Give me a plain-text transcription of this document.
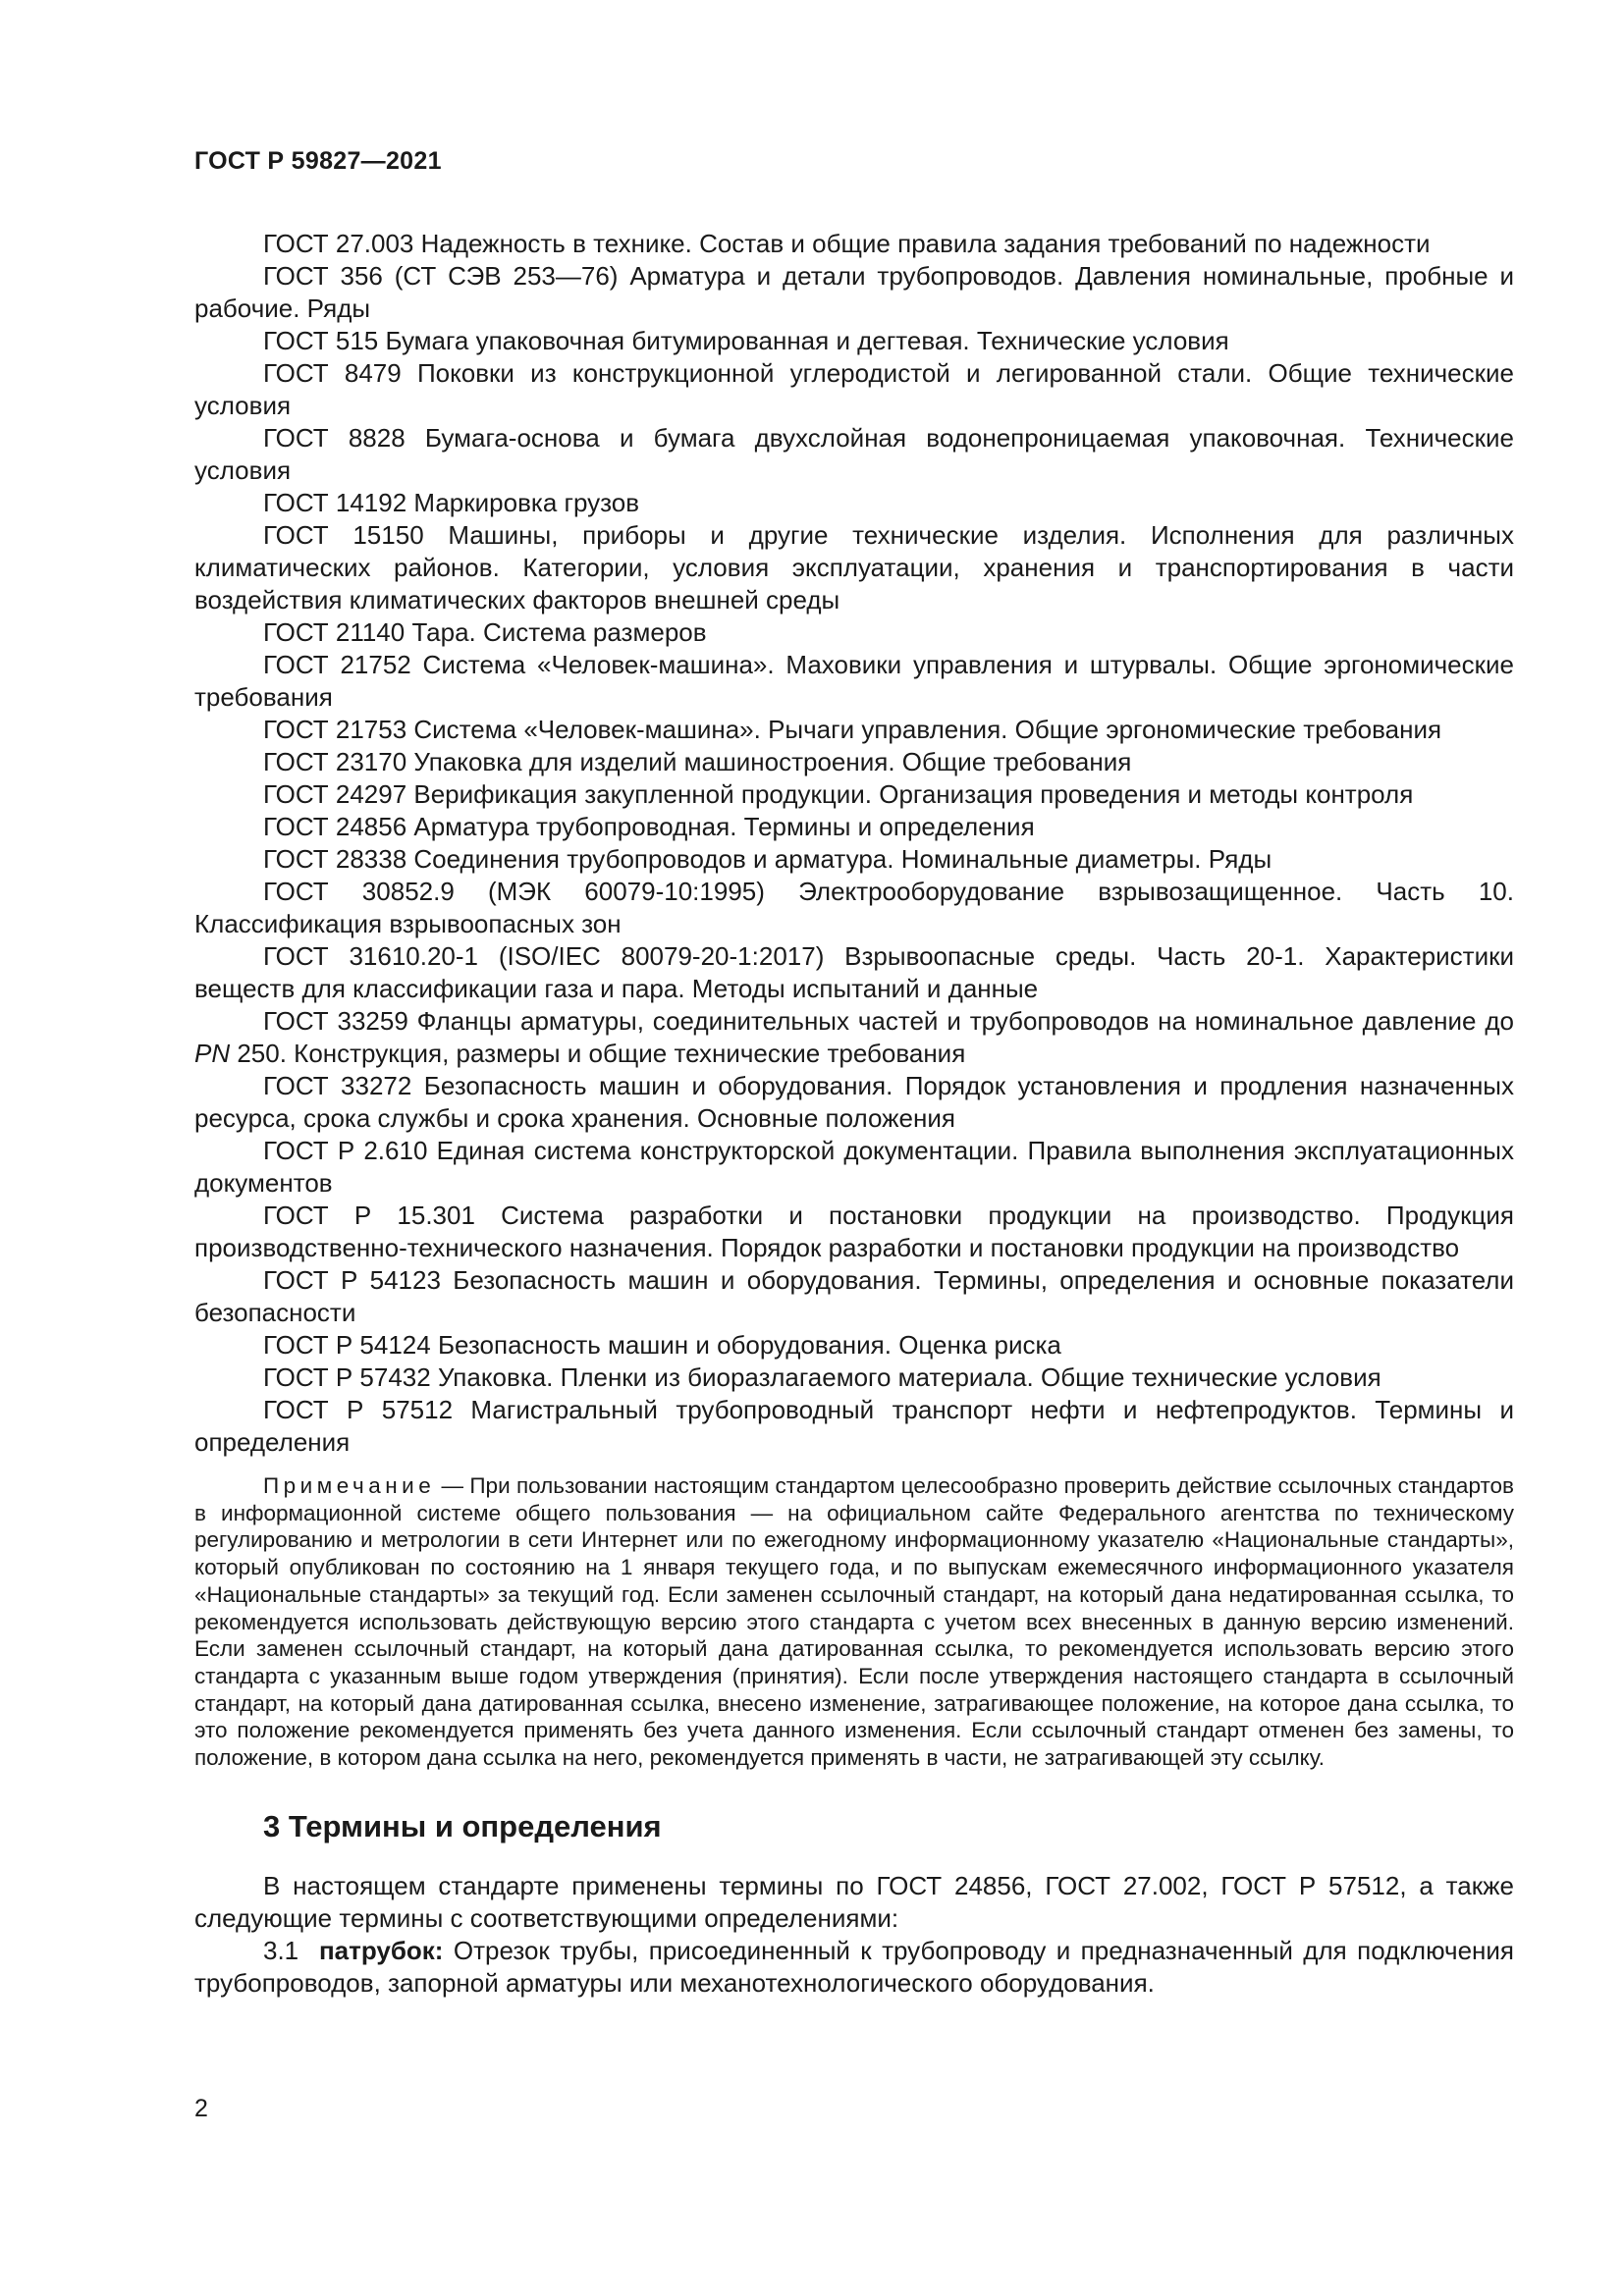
ГОСТ Р 59827—2021

ГОСТ 27.003 Надежность в технике. Состав и общие правила задания требований по надежности

ГОСТ 356 (СТ СЭВ 253—76) Арматура и детали трубопроводов. Давления номинальные, пробные и рабочие. Ряды

ГОСТ 515 Бумага упаковочная битумированная и дегтевая. Технические условия

ГОСТ 8479 Поковки из конструкционной углеродистой и легированной стали. Общие технические условия

ГОСТ 8828 Бумага-основа и бумага двухслойная водонепроницаемая упаковочная. Технические условия

ГОСТ 14192 Маркировка грузов

ГОСТ 15150 Машины, приборы и другие технические изделия. Исполнения для различных климатических районов. Категории, условия эксплуатации, хранения и транспортирования в части воздействия климатических факторов внешней среды

ГОСТ 21140 Тара. Система размеров

ГОСТ 21752 Система «Человек-машина». Маховики управления и штурвалы. Общие эргономические требования

ГОСТ 21753 Система «Человек-машина». Рычаги управления. Общие эргономические требования

ГОСТ 23170 Упаковка для изделий машиностроения. Общие требования

ГОСТ 24297 Верификация закупленной продукции. Организация проведения и методы контроля

ГОСТ 24856 Арматура трубопроводная. Термины и определения

ГОСТ 28338 Соединения трубопроводов и арматура. Номинальные диаметры. Ряды

ГОСТ 30852.9 (МЭК 60079-10:1995) Электрооборудование взрывозащищенное. Часть 10. Классификация взрывоопасных зон

ГОСТ 31610.20-1 (ISO/IEC 80079-20-1:2017) Взрывоопасные среды. Часть 20-1. Характеристики веществ для классификации газа и пара. Методы испытаний и данные

ГОСТ 33259 Фланцы арматуры, соединительных частей и трубопроводов на номинальное давление до PN 250. Конструкция, размеры и общие технические требования

ГОСТ 33272 Безопасность машин и оборудования. Порядок установления и продления назначенных ресурса, срока службы и срока хранения. Основные положения

ГОСТ Р 2.610 Единая система конструкторской документации. Правила выполнения эксплуатационных документов

ГОСТ Р 15.301 Система разработки и постановки продукции на производство. Продукция производственно-технического назначения. Порядок разработки и постановки продукции на производство

ГОСТ Р 54123 Безопасность машин и оборудования. Термины, определения и основные показатели безопасности

ГОСТ Р 54124 Безопасность машин и оборудования. Оценка риска

ГОСТ Р 57432 Упаковка. Пленки из биоразлагаемого материала. Общие технические условия

ГОСТ Р 57512 Магистральный трубопроводный транспорт нефти и нефтепродуктов. Термины и определения

Примечание — При пользовании настоящим стандартом целесообразно проверить действие ссылочных стандартов в информационной системе общего пользования — на официальном сайте Федерального агентства по техническому регулированию и метрологии в сети Интернет или по ежегодному информационному указателю «Национальные стандарты», который опубликован по состоянию на 1 января текущего года, и по выпускам ежемесячного информационного указателя «Национальные стандарты» за текущий год. Если заменен ссылочный стандарт, на который дана недатированная ссылка, то рекомендуется использовать действующую версию этого стандарта с учетом всех внесенных в данную версию изменений. Если заменен ссылочный стандарт, на который дана датированная ссылка, то рекомендуется использовать версию этого стандарта с указанным выше годом утверждения (принятия). Если после утверждения настоящего стандарта в ссылочный стандарт, на который дана датированная ссылка, внесено изменение, затрагивающее положение, на которое дана ссылка, то это положение рекомендуется применять без учета данного изменения. Если ссылочный стандарт отменен без замены, то положение, в котором дана ссылка на него, рекомендуется применять в части, не затрагивающей эту ссылку.
3 Термины и определения

В настоящем стандарте применены термины по ГОСТ 24856, ГОСТ 27.002, ГОСТ Р 57512, а также следующие термины с соответствующими определениями:

3.1 патрубок: Отрезок трубы, присоединенный к трубопроводу и предназначенный для подключения трубопроводов, запорной арматуры или механотехнологического оборудования.

2
